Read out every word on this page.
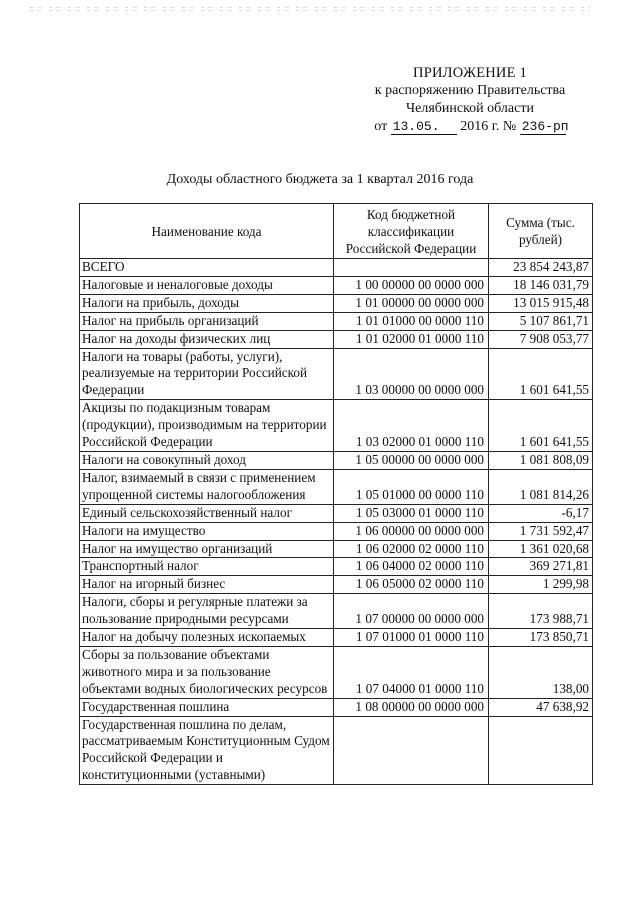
ПРИЛОЖЕНИЕ 1
к распоряжению Правительства
Челябинской области
от 13.05. 2016 г. № 236-рп
Доходы областного бюджета за 1 квартал 2016 года
Наименование кода	Код бюджетной классификации Российской Федерации	Сумма (тыс. рублей)
ВСЕГО		23 854 243,87
Налоговые и неналоговые доходы	1 00 00000 00 0000 000	18 146 031,79
Налоги на прибыль, доходы	1 01 00000 00 0000 000	13 015 915,48
Налог на прибыль организаций	1 01 01000 00 0000 110	5 107 861,71
Налог на доходы физических лиц	1 01 02000 01 0000 110	7 908 053,77
Налоги на товары (работы, услуги), реализуемые на территории Российской Федерации	1 03 00000 00 0000 000	1 601 641,55
Акцизы по подакцизным товарам (продукции), производимым на территории Российской Федерации	1 03 02000 01 0000 110	1 601 641,55
Налоги на совокупный доход	1 05 00000 00 0000 000	1 081 808,09
Налог, взимаемый в связи с применением упрощенной системы налогообложения	1 05 01000 00 0000 110	1 081 814,26
Единый сельскохозяйственный налог	1 05 03000 01 0000 110	-6,17
Налоги на имущество	1 06 00000 00 0000 000	1 731 592,47
Налог на имущество организаций	1 06 02000 02 0000 110	1 361 020,68
Транспортный налог	1 06 04000 02 0000 110	369 271,81
Налог на игорный бизнес	1 06 05000 02 0000 110	1 299,98
Налоги, сборы и регулярные платежи за пользование природными ресурсами	1 07 00000 00 0000 000	173 988,71
Налог на добычу полезных ископаемых	1 07 01000 01 0000 110	173 850,71
Сборы за пользование объектами животного мира и за пользование объектами водных биологических ресурсов	1 07 04000 01 0000 110	138,00
Государственная пошлина	1 08 00000 00 0000 000	47 638,92
Государственная пошлина по делам, рассматриваемым Конституционным Судом Российской Федерации и конституционными (уставными)		
